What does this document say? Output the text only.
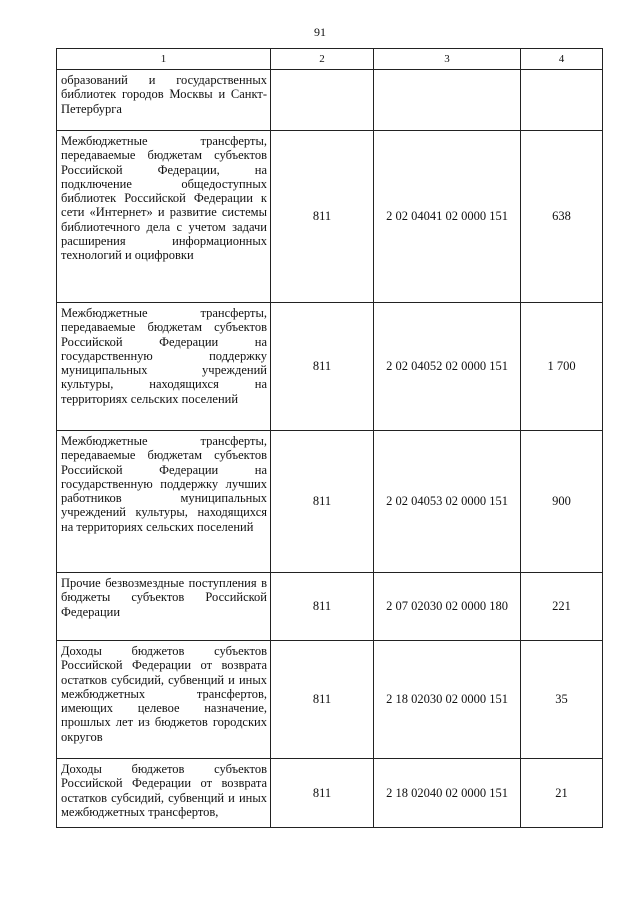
91
1	2	3	4
образований и государственных библиотек городов Москвы и Санкт-Петербурга			
Межбюджетные трансферты, передаваемые бюджетам субъектов Российской Федерации, на подключение общедоступных библиотек Российской Федерации к сети «Интернет» и развитие системы библиотечного дела с учетом задачи расширения информационных технологий и оцифровки	811	2 02 04041 02 0000 151	638
Межбюджетные трансферты, передаваемые бюджетам субъектов Российской Федерации на государственную поддержку муниципальных учреждений культуры, находящихся на территориях сельских поселений	811	2 02 04052 02 0000 151	1 700
Межбюджетные трансферты, передаваемые бюджетам субъектов Российской Федерации на государственную поддержку лучших работников муниципальных учреждений культуры, находящихся на территориях сельских поселений	811	2 02 04053 02 0000 151	900
Прочие безвозмездные поступления в бюджеты субъектов Российской Федерации	811	2 07 02030 02 0000 180	221
Доходы бюджетов субъектов Российской Федерации от возврата остатков субсидий, субвенций и иных межбюджетных трансфертов, имеющих целевое назначение, прошлых лет из бюджетов городских округов	811	2 18 02030 02 0000 151	35
Доходы бюджетов субъектов Российской Федерации от возврата остатков субсидий, субвенций и иных межбюджетных трансфертов,	811	2 18 02040 02 0000 151	21
